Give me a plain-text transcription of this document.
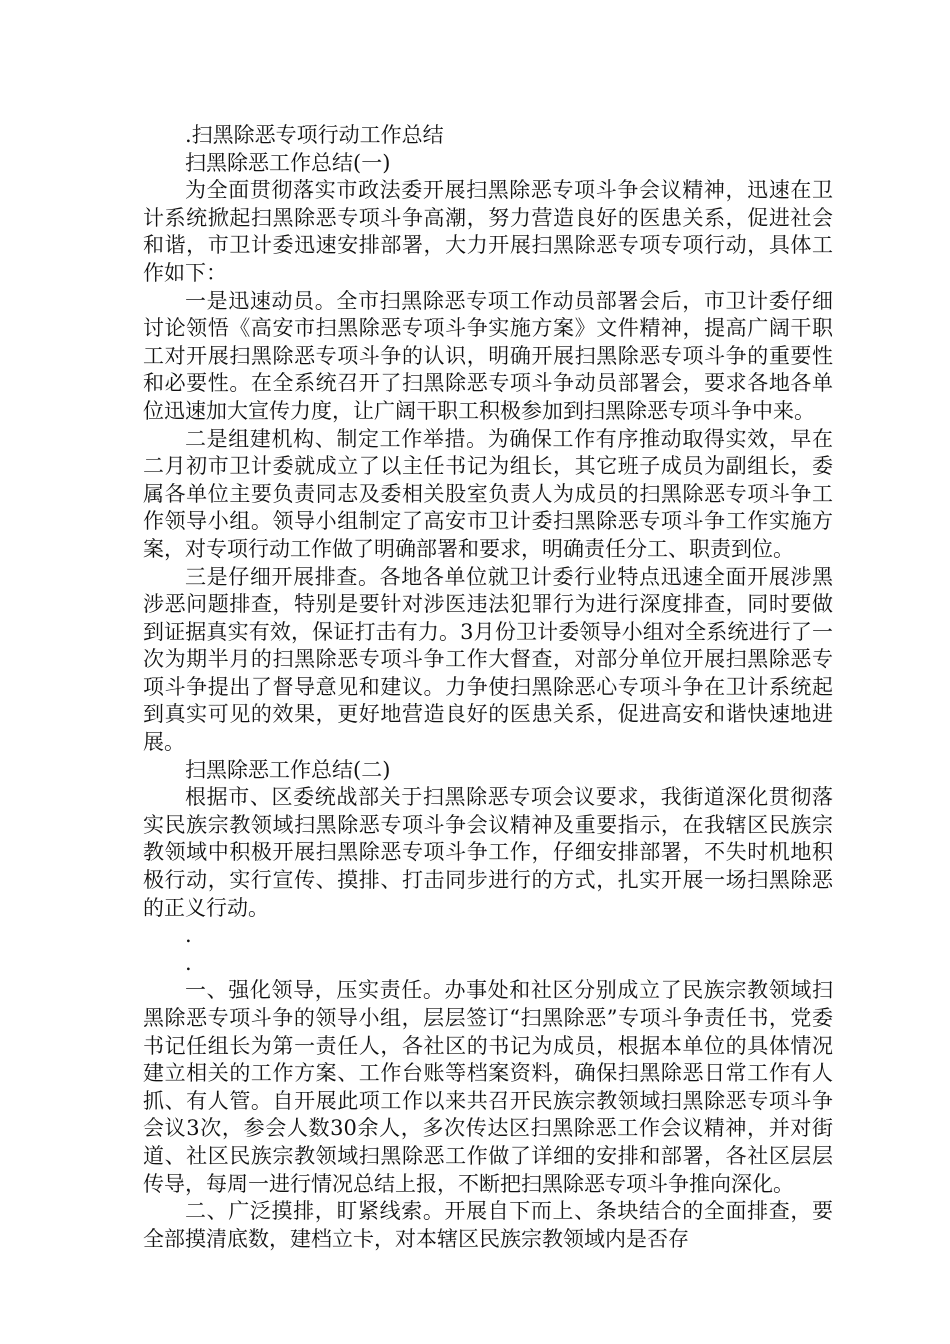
.扫黑除恶专项行动工作总结

扫黑除恶工作总结(一)

为全面贯彻落实市政法委开展扫黑除恶专项斗争会议精神，迅速在卫计系统掀起扫黑除恶专项斗争高潮，努力营造良好的医患关系，促进社会和谐，市卫计委迅速安排部署，大力开展扫黑除恶专项专项行动，具体工作如下：

一是迅速动员。全市扫黑除恶专项工作动员部署会后，市卫计委仔细讨论领悟《高安市扫黑除恶专项斗争实施方案》文件精神，提高广阔干职工对开展扫黑除恶专项斗争的认识，明确开展扫黑除恶专项斗争的重要性和必要性。在全系统召开了扫黑除恶专项斗争动员部署会，要求各地各单位迅速加大宣传力度，让广阔干职工积极参加到扫黑除恶专项斗争中来。

二是组建机构、制定工作举措。为确保工作有序推动取得实效，早在二月初市卫计委就成立了以主任书记为组长，其它班子成员为副组长，委属各单位主要负责同志及委相关股室负责人为成员的扫黑除恶专项斗争工作领导小组。领导小组制定了高安市卫计委扫黑除恶专项斗争工作实施方案，对专项行动工作做了明确部署和要求，明确责任分工、职责到位。

三是仔细开展排查。各地各单位就卫计委行业特点迅速全面开展涉黑涉恶问题排查，特别是要针对涉医违法犯罪行为进行深度排查，同时要做到证据真实有效，保证打击有力。3月份卫计委领导小组对全系统进行了一次为期半月的扫黑除恶专项斗争工作大督查，对部分单位开展扫黑除恶专项斗争提出了督导意见和建议。力争使扫黑除恶心专项斗争在卫计系统起到真实可见的效果，更好地营造良好的医患关系，促进高安和谐快速地进展。

扫黑除恶工作总结(二)

根据市、区委统战部关于扫黑除恶专项会议要求，我街道深化贯彻落实民族宗教领域扫黑除恶专项斗争会议精神及重要指示，在我辖区民族宗教领域中积极开展扫黑除恶专项斗争工作，仔细安排部署，不失时机地积极行动，实行宣传、摸排、打击同步进行的方式，扎实开展一场扫黑除恶的正义行动。

.

.

一、强化领导，压实责任。办事处和社区分别成立了民族宗教领域扫黑除恶专项斗争的领导小组，层层签订“扫黑除恶”专项斗争责任书，党委书记任组长为第一责任人，各社区的书记为成员，根据本单位的具体情况建立相关的工作方案、工作台账等档案资料，确保扫黑除恶日常工作有人抓、有人管。自开展此项工作以来共召开民族宗教领域扫黑除恶专项斗争会议3次，参会人数30余人，多次传达区扫黑除恶工作会议精神，并对街道、社区民族宗教领域扫黑除恶工作做了详细的安排和部署，各社区层层传导，每周一进行情况总结上报，不断把扫黑除恶专项斗争推向深化。

二、广泛摸排，盯紧线索。开展自下而上、条块结合的全面排查，要全部摸清底数，建档立卡，对本辖区民族宗教领域内是否存
